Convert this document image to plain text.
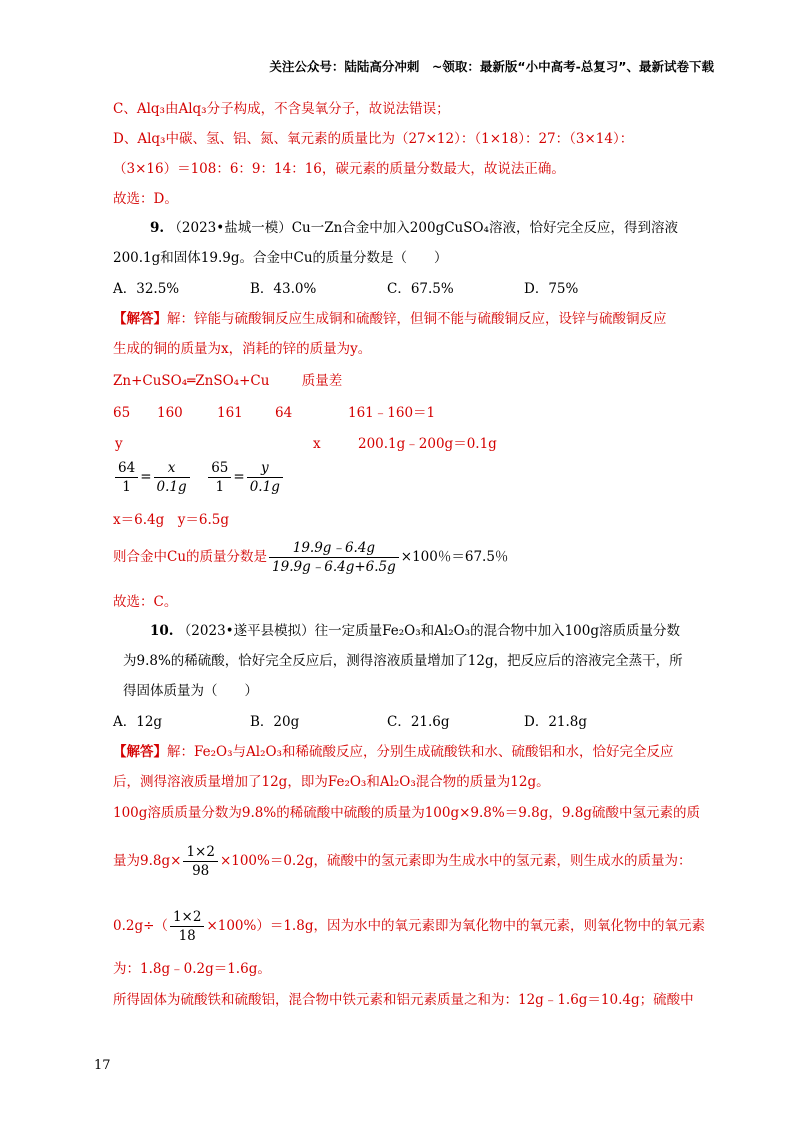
关注公众号：陆陆高分冲刺　~领取：最新版“小中高考-总复习”、最新试卷下载
C、Alq₃由Alq₃分子构成，不含臭氧分子，故说法错误；
D、Alq₃中碳、氢、铝、氮、氧元素的质量比为（27×12）：（1×18）：27：（3×14）：
（3×16）＝108：6：9：14：16，碳元素的质量分数最大，故说法正确。
故选：D。
9. （2023•盐城一模）Cu一Zn合金中加入200gCuSO₄溶液，恰好完全反应，得到溶液
200.1g和固体19.9g。合金中Cu的质量分数是（　　）
A．32.5%	B．43.0%	C．67.5%	D．75%
【解答】解：锌能与硫酸铜反应生成铜和硫酸锌，但铜不能与硫酸铜反应，设锌与硫酸铜反应
生成的铜的质量为x，消耗的锌的质量为y。
Zn+CuSO₄═ZnSO₄+Cu 质量差
65 160	161 64	161﹣160＝1
y	x	200.1g﹣200g＝0.1g
$\frac{64}{1} = \frac{x}{0.1g}$
$\frac{65}{1} = \frac{y}{0.1g}$
x＝6.4g　y＝6.5g
则合金中Cu的质量分数是 $\frac{19.9g﹣6.4g}{19.9g﹣6.4g+6.5g} \times 100$％＝67.5％
故选：C。
10. （2023•遂平县模拟）往一定质量Fe₂O₃和Al₂O₃的混合物中加入100g溶质质量分数
为9.8%的稀硫酸，恰好完全反应后，测得溶液质量增加了12g，把反应后的溶液完全蒸干，所
得固体质量为（　　）
A．12g	B．20g	C．21.6g	D．21.8g
【解答】解：Fe₂O₃与Al₂O₃和稀硫酸反应，分别生成硫酸铁和水、硫酸铝和水，恰好完全反应
后，测得溶液质量增加了12g，即为Fe₂O₃和Al₂O₃混合物的质量为12g。
100g溶质质量分数为9.8%的稀硫酸中硫酸的质量为100g×9.8%＝9.8g，9.8g硫酸中氢元素的质
量为$9.8g\times \frac{1\times 2}{98} \times 100\%=0.2g$，硫酸中的氢元素即为生成水中的氢元素，则生成水的质量为：
$0.2g\div( \frac{1\times 2}{18} \times 100\%)=1.8g$，因为水中的氧元素即为氧化物中的氧元素，则氧化物中的氧元素
为：1.8g﹣0.2g＝1.6g。
所得固体为硫酸铁和硫酸铝，混合物中铁元素和铝元素质量之和为：12g﹣1.6g＝10.4g；硫酸中
17
